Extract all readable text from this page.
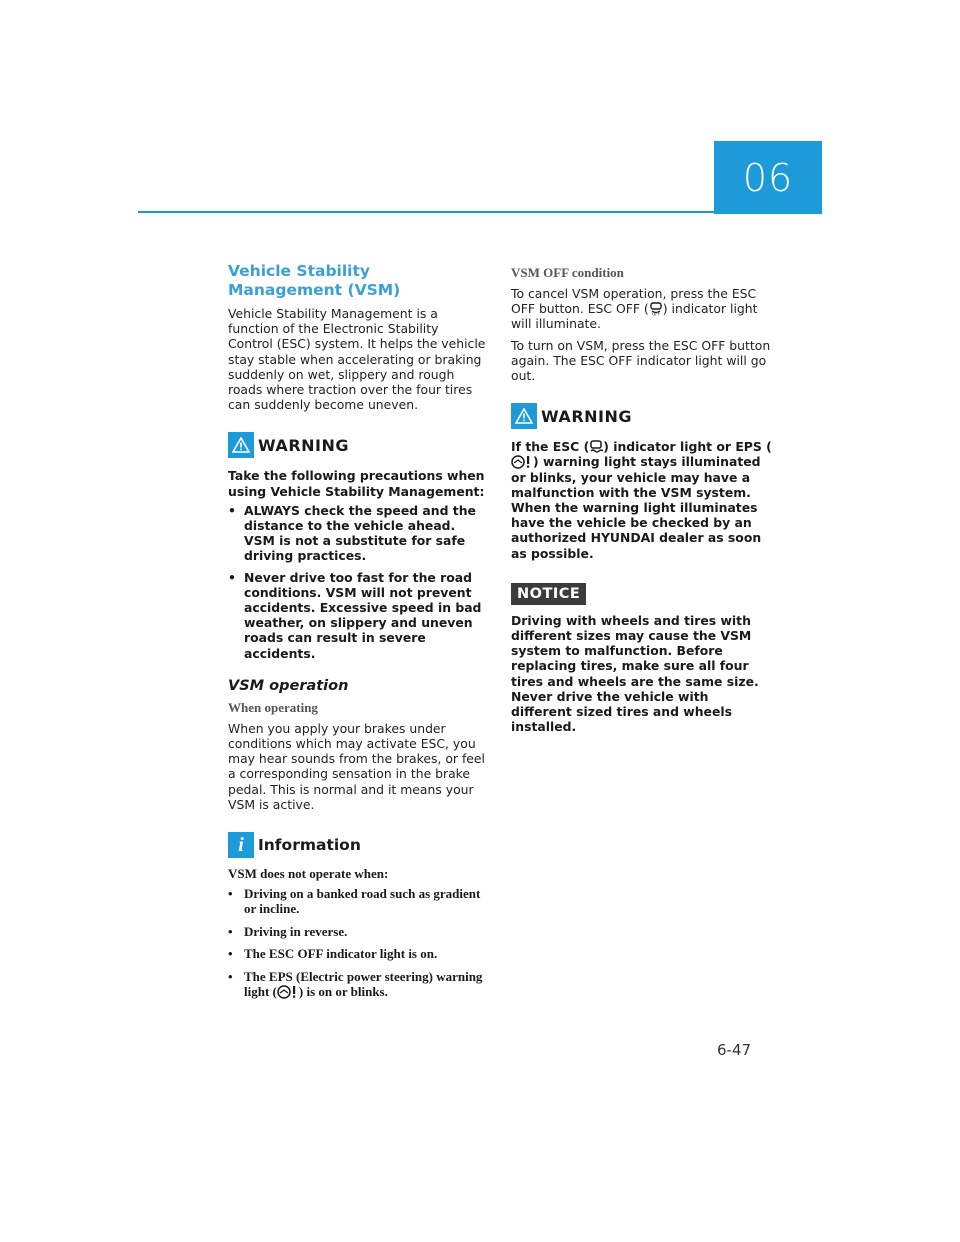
06
Vehicle Stability Management (VSM)

Vehicle Stability Management is a function of the Electronic Stability Control (ESC) system. It helps the vehicle stay stable when accelerating or braking suddenly on wet, slippery and rough roads where traction over the four tires can suddenly become uneven.

WARNING

Take the following precautions when using Vehicle Stability Management:

• ALWAYS check the speed and the distance to the vehicle ahead. VSM is not a substitute for safe driving practices.
• Never drive too fast for the road conditions. VSM will not prevent accidents. Excessive speed in bad weather, on slippery and uneven roads can result in severe accidents.
VSM operation

When operating

When you apply your brakes under conditions which may activate ESC, you may hear sounds from the brakes, or feel a corresponding sensation in the brake pedal. This is normal and it means your VSM is active.

i Information

VSM does not operate when:

• Driving on a banked road such as gradient or incline.
• Driving in reverse.
• The ESC OFF indicator light is on.
• The EPS (Electric power steering) warning light ( ) is on or blinks.

VSM OFF condition

To cancel VSM operation, press the ESC OFF button. ESC OFF ( OFF ) indicator light will illuminate.

To turn on VSM, press the ESC OFF button again. The ESC OFF indicator light will go out.

WARNING

If the ESC ( ) indicator light or EPS () warning light stays illuminated or blinks, your vehicle may have a malfunction with the VSM system. When the warning light illuminates have the vehicle be checked by an authorized HYUNDAI dealer as soon as possible.

NOTICE

Driving with wheels and tires with different sizes may cause the VSM system to malfunction. Before replacing tires, make sure all four tires and wheels are the same size. Never drive the vehicle with different sized tires and wheels installed.

6-47
